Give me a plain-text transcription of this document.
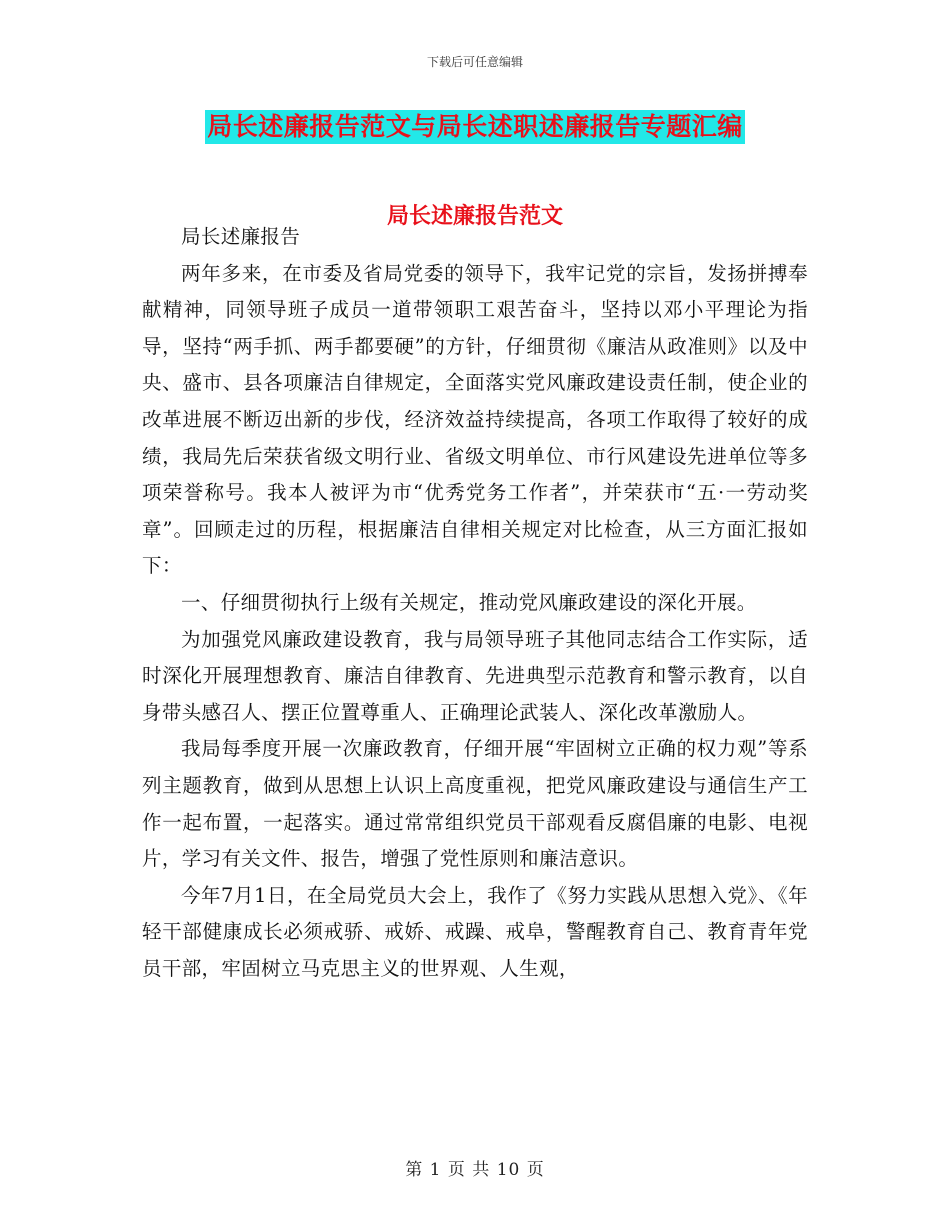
下载后可任意编辑
局长述廉报告范文与局长述职述廉报告专题汇编
局长述廉报告范文

局长述廉报告

两年多来，在市委及省局党委的领导下，我牢记党的宗旨，发扬拼搏奉献精神，同领导班子成员一道带领职工艰苦奋斗，坚持以邓小平理论为指导，坚持“两手抓、两手都要硬”的方针，仔细贯彻《廉洁从政准则》以及中央、盛市、县各项廉洁自律规定，全面落实党风廉政建设责任制，使企业的改革进展不断迈出新的步伐，经济效益持续提高，各项工作取得了较好的成绩，我局先后荣获省级文明行业、省级文明单位、市行风建设先进单位等多项荣誉称号。我本人被评为市“优秀党务工作者”，并荣获市“五·一劳动奖章”。回顾走过的历程，根据廉洁自律相关规定对比检查，从三方面汇报如下：

一、仔细贯彻执行上级有关规定，推动党风廉政建设的深化开展。

为加强党风廉政建设教育，我与局领导班子其他同志结合工作实际，适时深化开展理想教育、廉洁自律教育、先进典型示范教育和警示教育，以自身带头感召人、摆正位置尊重人、正确理论武装人、深化改革激励人。

我局每季度开展一次廉政教育，仔细开展“牢固树立正确的权力观”等系列主题教育，做到从思想上认识上高度重视，把党风廉政建设与通信生产工作一起布置，一起落实。通过常常组织党员干部观看反腐倡廉的电影、电视片，学习有关文件、报告，增强了党性原则和廉洁意识。

今年7月1日，在全局党员大会上，我作了《努力实践从思想入党》、《年轻干部健康成长必须戒骄、戒娇、戒躁、戒阜，警醒教育自己、教育青年党员干部，牢固树立马克思主义的世界观、人生观，

第 1 页 共 10 页
